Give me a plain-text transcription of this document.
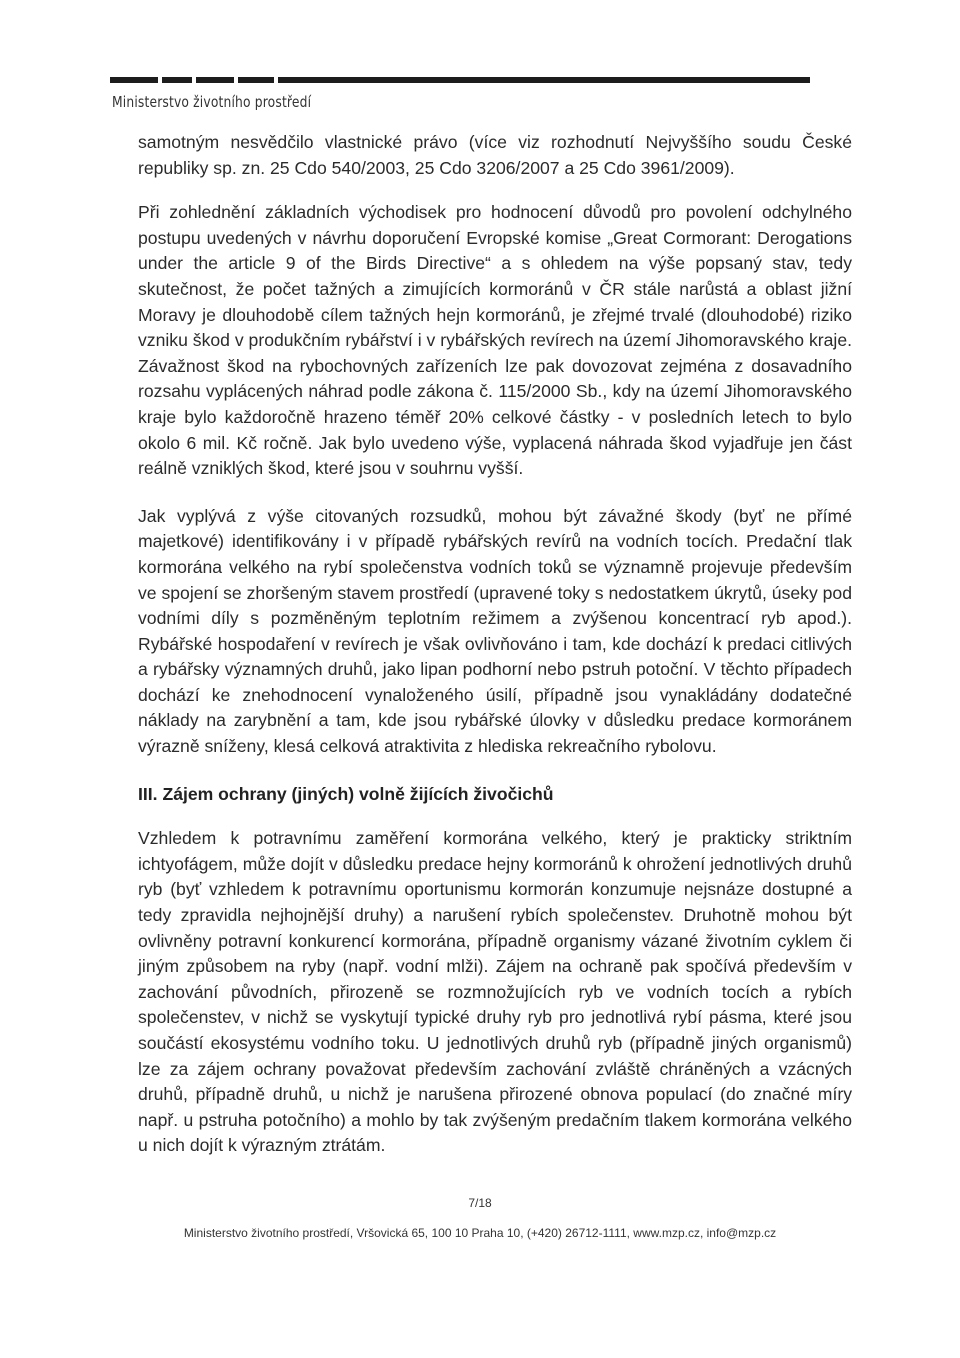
Ministerstvo životního prostředí

samotným nesvědčilo vlastnické právo (více viz rozhodnutí Nejvyššího soudu České republiky sp. zn. 25 Cdo 540/2003, 25 Cdo 3206/2007 a 25 Cdo 3961/2009).

Při zohlednění základních východisek pro hodnocení důvodů pro povolení odchylného postupu uvedených v návrhu doporučení Evropské komise „Great Cormorant: Derogations under the article 9 of the Birds Directive“ a s ohledem na výše popsaný stav, tedy skutečnost, že počet tažných a zimujících kormoránů v ČR stále narůstá a oblast jižní Moravy je dlouhodobě cílem tažných hejn kormoránů, je zřejmé trvalé (dlouhodobé) riziko vzniku škod v produkčním rybářství i v rybářských revírech na území Jihomoravského kraje. Závažnost škod na rybochovných zařízeních lze pak dovozovat zejména z dosavadního rozsahu vyplácených náhrad podle zákona č. 115/2000 Sb., kdy na území Jihomoravského kraje bylo každoročně hrazeno téměř 20% celkové částky - v posledních letech to bylo okolo 6 mil. Kč ročně. Jak bylo uvedeno výše, vyplacená náhrada škod vyjadřuje jen část reálně vzniklých škod, které jsou v souhrnu vyšší.

Jak vyplývá z výše citovaných rozsudků, mohou být závažné škody (byť ne přímé majetkové) identifikovány i v případě rybářských revírů na vodních tocích. Predační tlak kormorána velkého na rybí společenstva vodních toků se významně projevuje především ve spojení se zhoršeným stavem prostředí (upravené toky s nedostatkem úkrytů, úseky pod vodními díly s pozměněným teplotním režimem a zvýšenou koncentrací ryb apod.). Rybářské hospodaření v revírech je však ovlivňováno i tam, kde dochází k predaci citlivých a rybářsky významných druhů, jako lipan podhorní nebo pstruh potoční. V těchto případech dochází ke znehodnocení vynaloženého úsilí, případně jsou vynakládány dodatečné náklady na zarybnění a tam, kde jsou rybářské úlovky v důsledku predace kormoránem výrazně sníženy, klesá celková atraktivita z hlediska rekreačního rybolovu.

III. Zájem ochrany (jiných) volně žijících živočichů

Vzhledem k potravnímu zaměření kormorána velkého, který je prakticky striktním ichtyofágem, může dojít v důsledku predace hejny kormoránů k ohrožení jednotlivých druhů ryb (byť vzhledem k potravnímu oportunismu kormorán konzumuje nejsnáze dostupné a tedy zpravidla nejhojnější druhy) a narušení rybích společenstev. Druhotně mohou být ovlivněny potravní konkurencí kormorána, případně organismy vázané životním cyklem či jiným způsobem na ryby (např. vodní mlži). Zájem na ochraně pak spočívá především v zachování původních, přirozeně se rozmnožujících ryb ve vodních tocích a rybích společenstev, v nichž se vyskytují typické druhy ryb pro jednotlivá rybí pásma, které jsou součástí ekosystému vodního toku. U jednotlivých druhů ryb (případně jiných organismů) lze za zájem ochrany považovat především zachování zvláště chráněných a vzácných druhů, případně druhů, u nichž je narušena přirozené obnova populací (do značné míry např. u pstruha potočního) a mohlo by tak zvýšeným predačním tlakem kormorána velkého u nich dojít k výrazným ztrátám.

7/18
Ministerstvo životního prostředí, Vršovická 65, 100 10 Praha 10, (+420) 26712-1111, www.mzp.cz, info@mzp.cz
